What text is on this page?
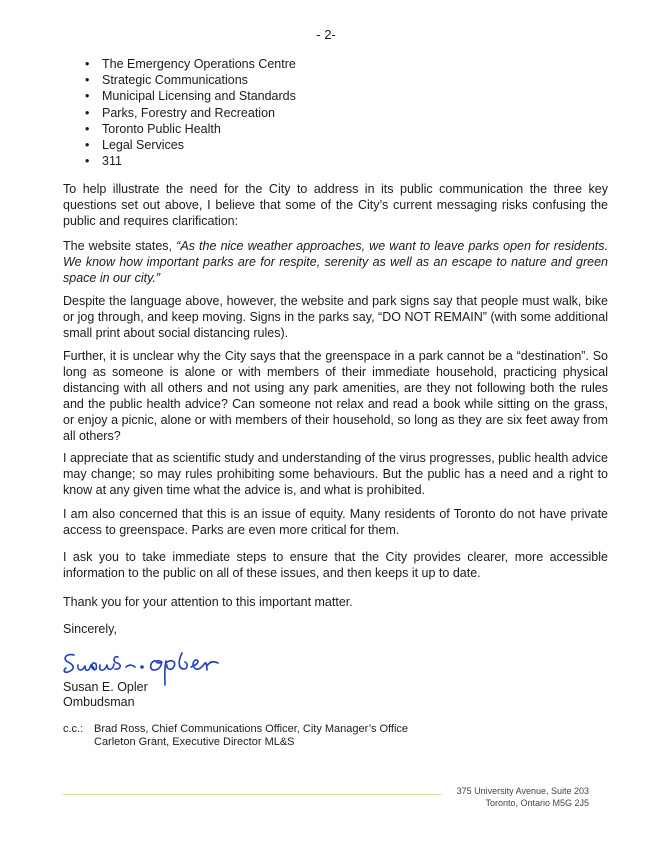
- 2-
• The Emergency Operations Centre
• Strategic Communications
• Municipal Licensing and Standards
• Parks, Forestry and Recreation
• Toronto Public Health
• Legal Services
• 311

To help illustrate the need for the City to address in its public communication the three key questions set out above, I believe that some of the City’s current messaging risks confusing the public and requires clarification:

The website states, “As the nice weather approaches, we want to leave parks open for residents. We know how important parks are for respite, serenity as well as an escape to nature and green space in our city.”

Despite the language above, however, the website and park signs say that people must walk, bike or jog through, and keep moving. Signs in the parks say, “DO NOT REMAIN” (with some additional small print about social distancing rules).

Further, it is unclear why the City says that the greenspace in a park cannot be a “destination”. So long as someone is alone or with members of their immediate household, practicing physical distancing with all others and not using any park amenities, are they not following both the rules and the public health advice? Can someone not relax and read a book while sitting on the grass, or enjoy a picnic, alone or with members of their household, so long as they are six feet away from all others?

I appreciate that as scientific study and understanding of the virus progresses, public health advice may change; so may rules prohibiting some behaviours. But the public has a need and a right to know at any given time what the advice is, and what is prohibited.

I am also concerned that this is an issue of equity. Many residents of Toronto do not have private access to greenspace. Parks are even more critical for them.

I ask you to take immediate steps to ensure that the City provides clearer, more accessible information to the public on all of these issues, and then keeps it up to date.

Thank you for your attention to this important matter.

Sincerely,
Susan E. Opler
Ombudsman
c.c.: Brad Ross, Chief Communications Officer, City Manager’s Office
Carleton Grant, Executive Director ML&S
375 University Avenue, Suite 203
Toronto, Ontario M5G 2J5
